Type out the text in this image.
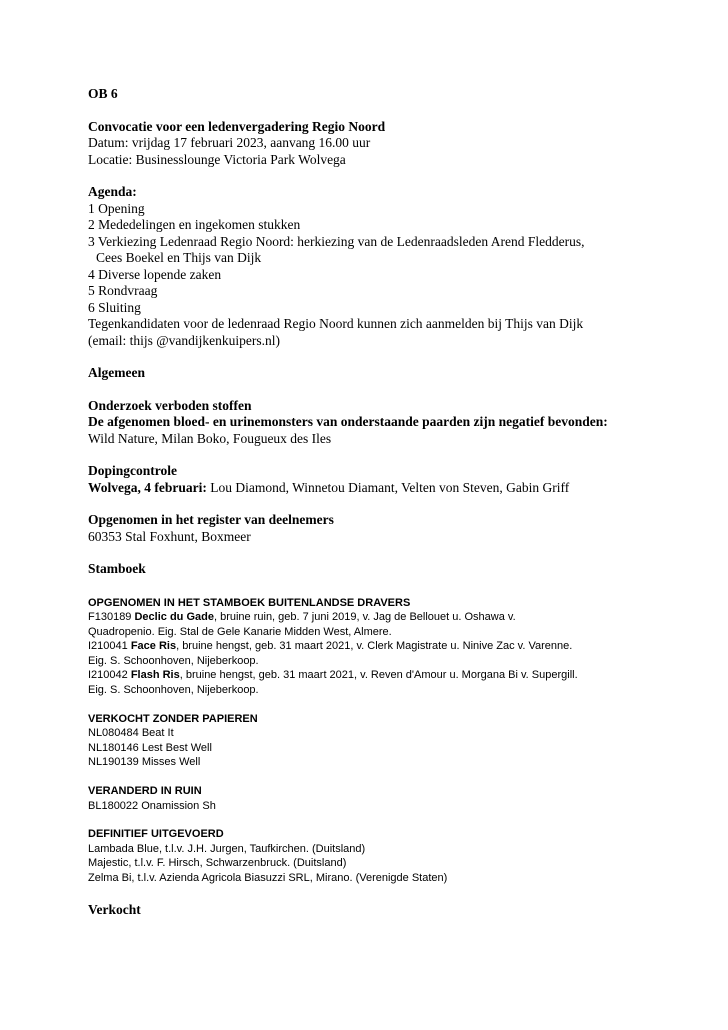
OB 6
Convocatie voor een ledenvergadering Regio Noord
Datum: vrijdag 17 februari 2023, aanvang 16.00 uur
Locatie: Businesslounge Victoria Park Wolvega
Agenda:
1 Opening
2 Mededelingen en ingekomen stukken
3 Verkiezing Ledenraad Regio Noord: herkiezing van de Ledenraadsleden Arend Fledderus,
Cees Boekel en Thijs van Dijk
4 Diverse lopende zaken
5 Rondvraag
6 Sluiting
Tegenkandidaten voor de ledenraad Regio Noord kunnen zich aanmelden bij Thijs van Dijk
(email: thijs @vandijkenkuipers.nl)
Algemeen
Onderzoek verboden stoffen
De afgenomen bloed- en urinemonsters van onderstaande paarden zijn negatief bevonden:
Wild Nature, Milan Boko, Fougueux des Iles
Dopingcontrole
Wolvega, 4 februari: Lou Diamond, Winnetou Diamant, Velten von Steven, Gabin Griff
Opgenomen in het register van deelnemers
60353 Stal Foxhunt, Boxmeer
Stamboek
OPGENOMEN IN HET STAMBOEK BUITENLANDSE DRAVERS
F130189 Declic du Gade, bruine ruin, geb. 7 juni 2019, v. Jag de Bellouet u. Oshawa v.
Quadropenio. Eig. Stal de Gele Kanarie Midden West, Almere.
I210041 Face Ris, bruine hengst, geb. 31 maart 2021, v. Clerk Magistrate u. Ninive Zac v. Varenne.
Eig. S. Schoonhoven, Nijeberkoop.
I210042 Flash Ris, bruine hengst, geb. 31 maart 2021, v. Reven d'Amour u. Morgana Bi v. Supergill.
Eig. S. Schoonhoven, Nijeberkoop.
VERKOCHT ZONDER PAPIEREN
NL080484 Beat It
NL180146 Lest Best Well
NL190139 Misses Well
VERANDERD IN RUIN
BL180022 Onamission Sh
DEFINITIEF UITGEVOERD
Lambada Blue, t.l.v. J.H. Jurgen, Taufkirchen. (Duitsland)
Majestic, t.l.v. F. Hirsch, Schwarzenbruck. (Duitsland)
Zelma Bi, t.l.v. Azienda Agricola Biasuzzi SRL, Mirano. (Verenigde Staten)
Verkocht
